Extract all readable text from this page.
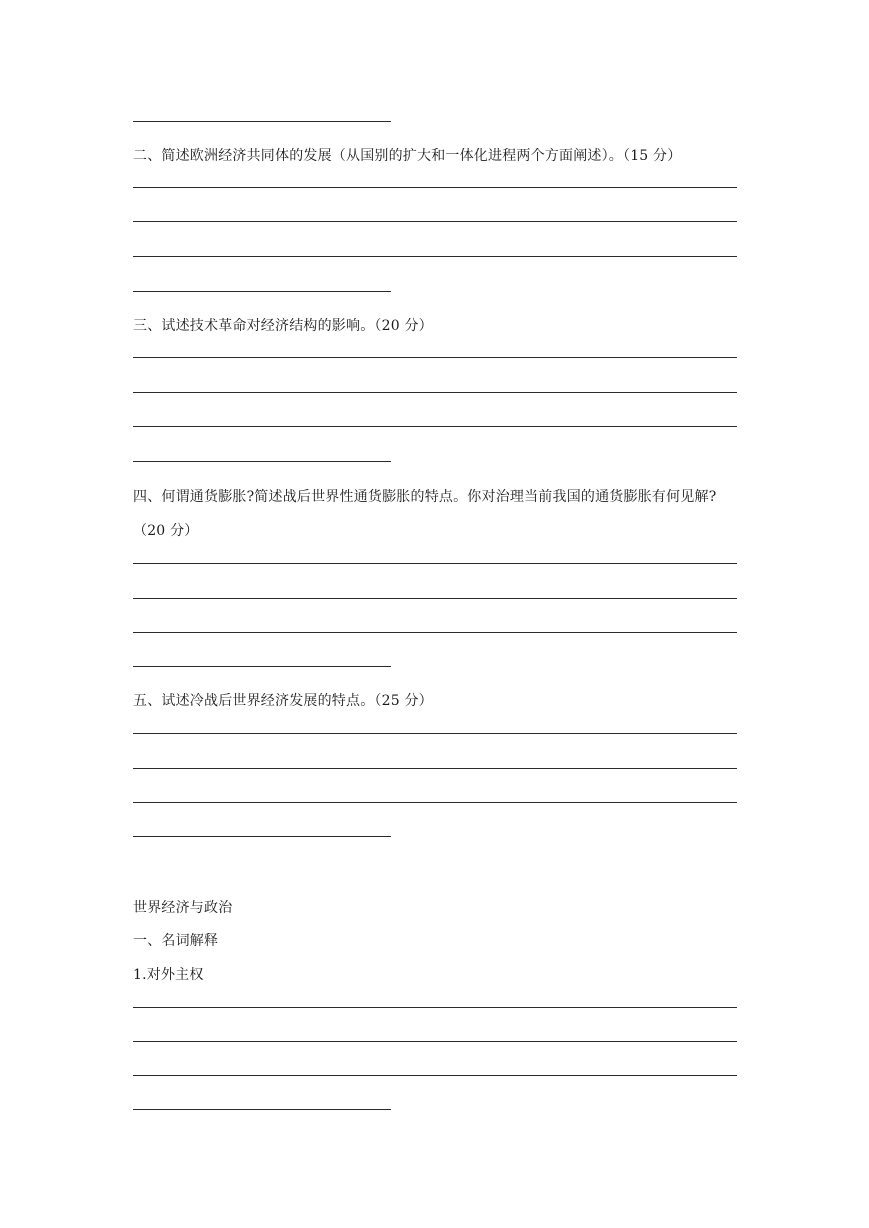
二、简述欧洲经济共同体的发展（从国别的扩大和一体化进程两个方面阐述）。（15 分）
三、试述技术革命对经济结构的影响。（20 分）
四、何谓通货膨胀?简述战后世界性通货膨胀的特点。你对治理当前我国的通货膨胀有何见解?（20 分）
五、试述冷战后世界经济发展的特点。（25 分）
世界经济与政治
一、名词解释
1.对外主权
